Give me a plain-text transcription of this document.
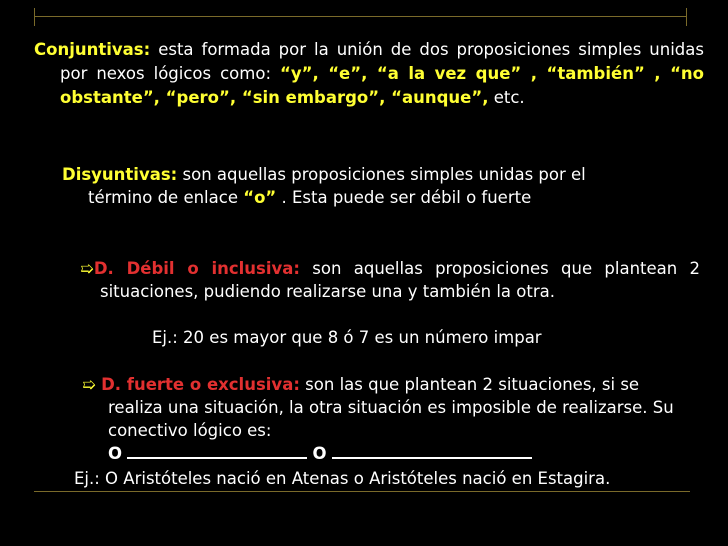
Conjuntivas: esta formada por la unión de dos proposiciones simples unidas por nexos lógicos como: “y”, “e”, “a la vez que” , “también” , “no obstante”, “pero”, “sin embargo”, “aunque”, etc.
Disyuntivas: son aquellas proposiciones simples unidas por el término de enlace “o” . Esta puede ser débil o fuerte
➯D. Débil o inclusiva: son aquellas proposiciones que plantean 2 situaciones, pudiendo realizarse una y también la otra.
Ej.: 20 es mayor que 8 ó 7 es un número impar
➯ D. fuerte o exclusiva: son las que plantean 2 situaciones, si se realiza una situación, la otra situación es imposible de realizarse. Su conectivo lógico es:
O	O
Ej.: O Aristóteles nació en Atenas o Aristóteles nació en Estagira.
